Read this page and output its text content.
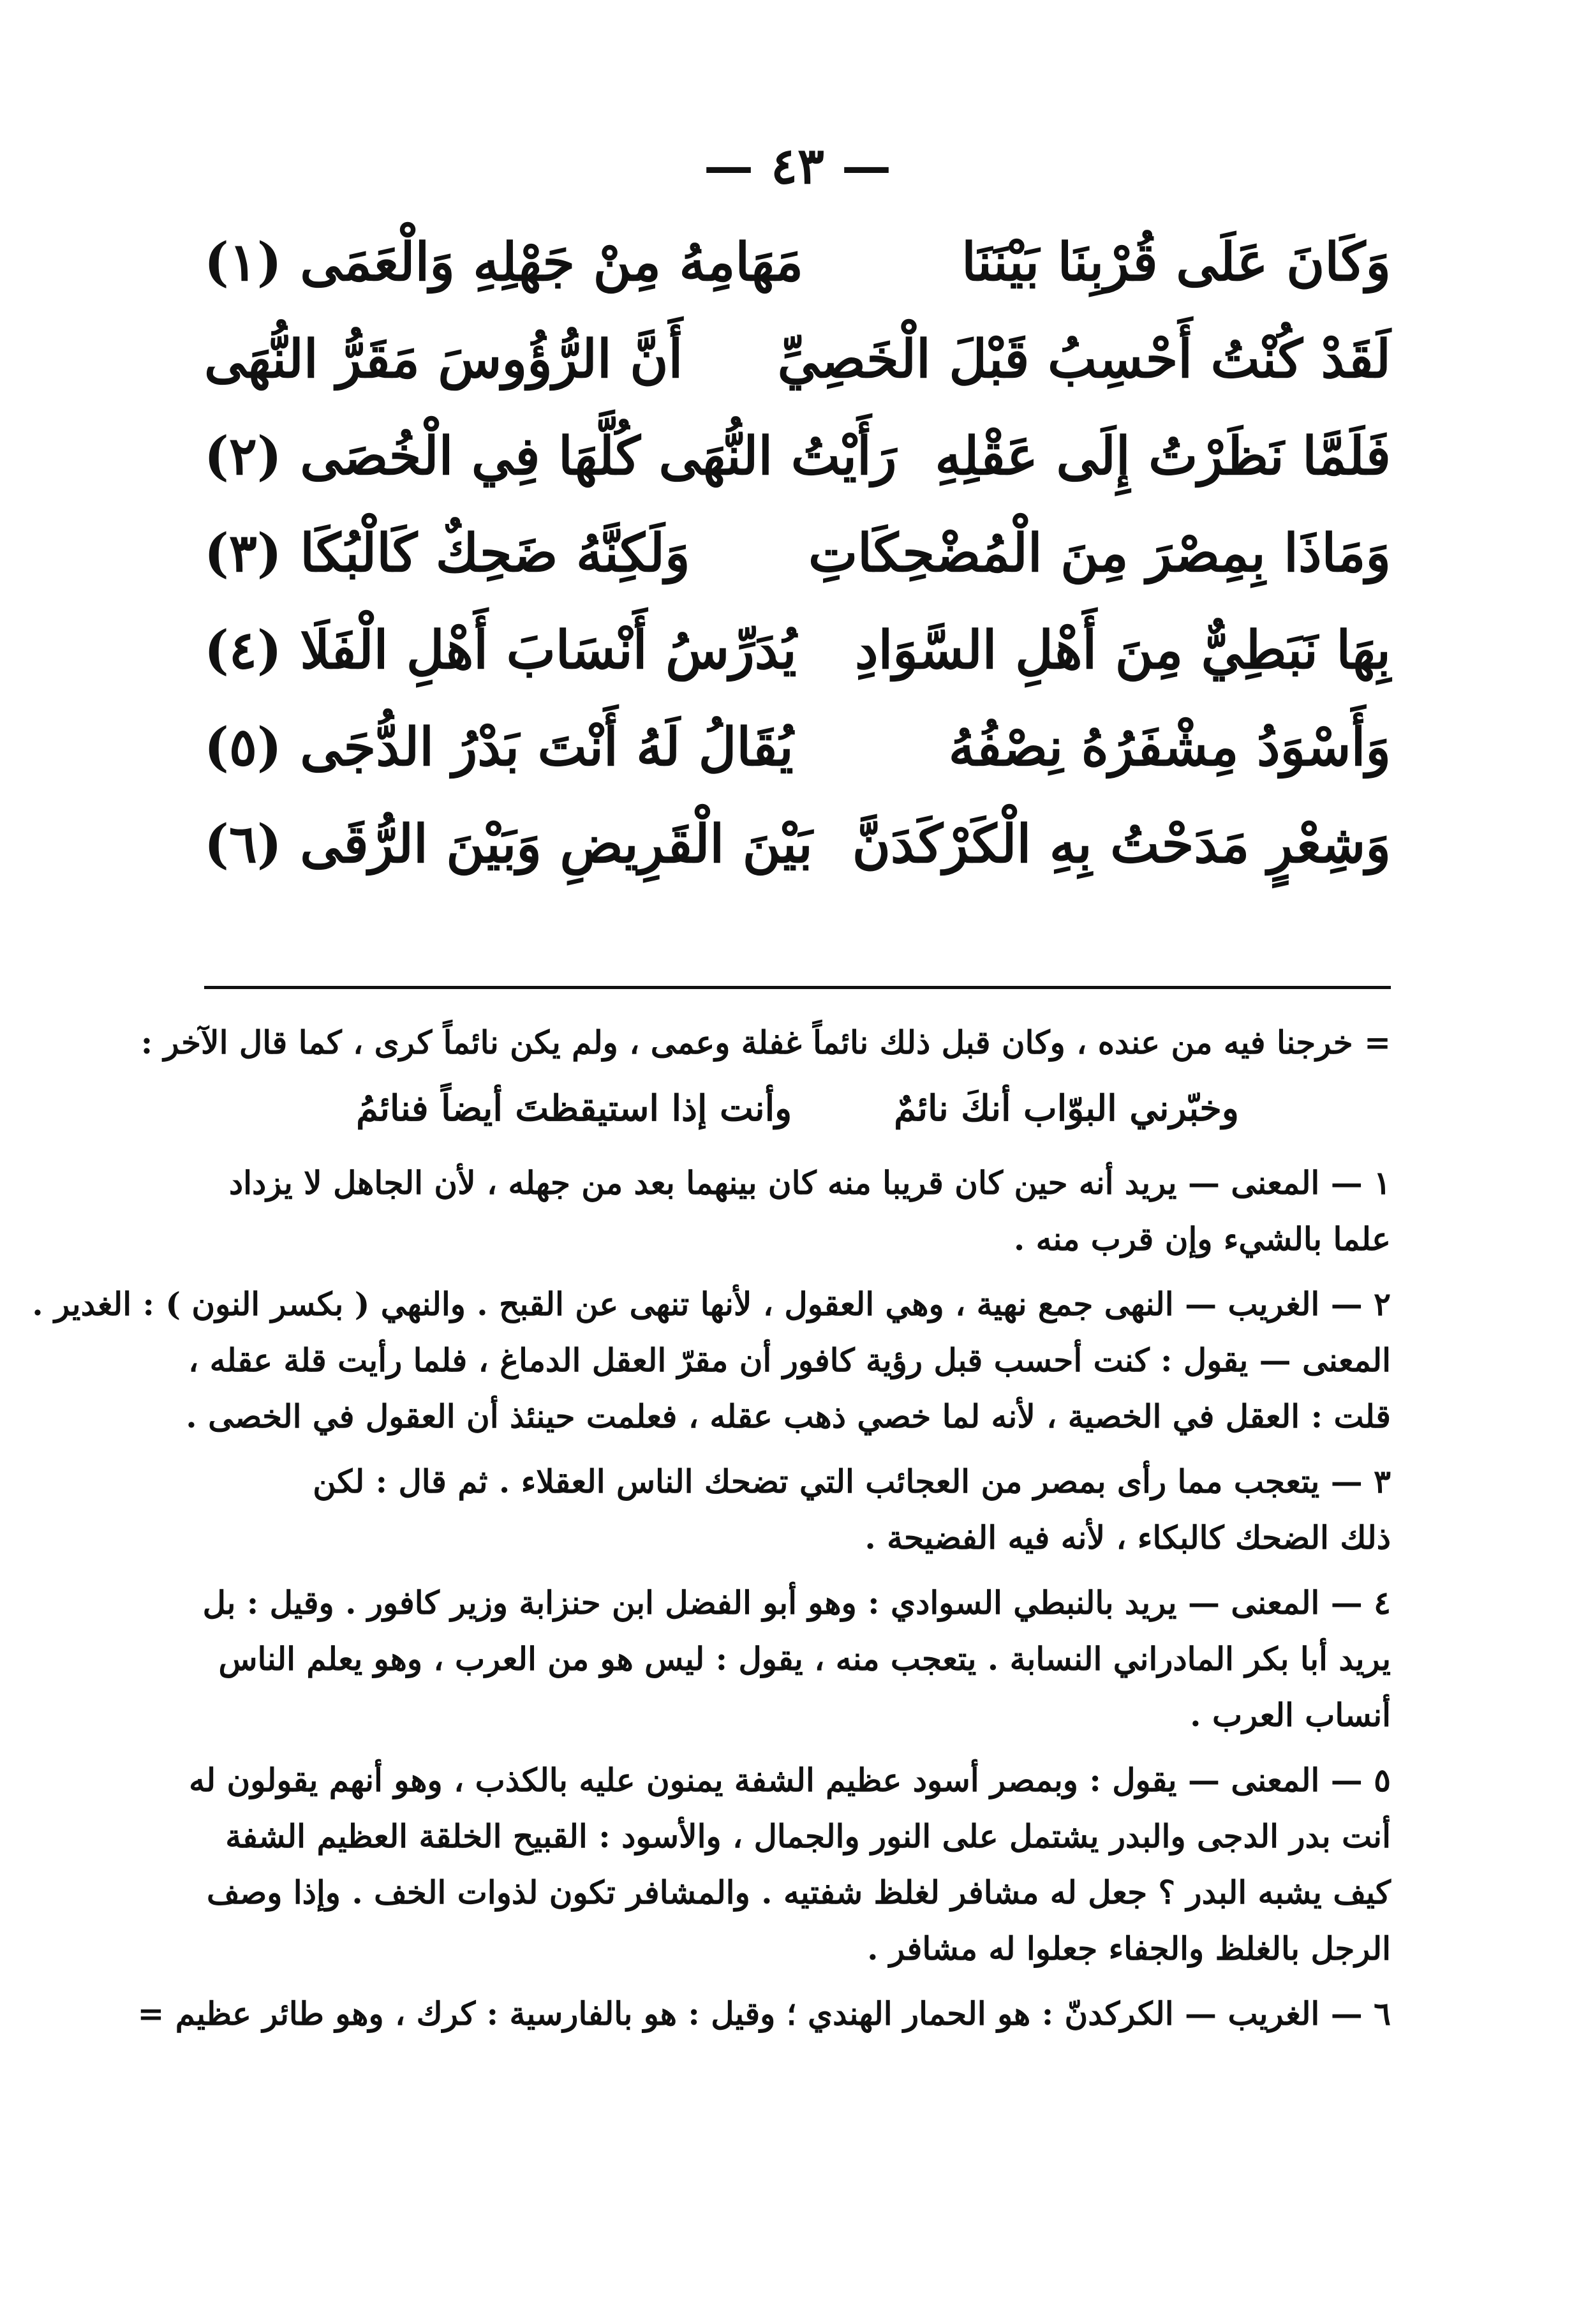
— ٤٣ —
وَكَانَ عَلَى قُرْبِنَا بَيْنَنَا
مَهَامِهُ مِنْ جَهْلِهِ وَالْعَمَى (١)
لَقَدْ كُنْتُ أَحْسِبُ قَبْلَ الْخَصِيِّ
أَنَّ الرُّؤُوسَ مَقَرُّ النُّهَى
فَلَمَّا نَظَرْتُ إِلَى عَقْلِهِ
رَأَيْتُ النُّهَى كُلَّهَا فِي الْخُصَى (٢)
وَمَاذَا بِمِصْرَ مِنَ الْمُضْحِكَاتِ
وَلَكِنَّهُ ضَحِكٌ كَالْبُكَا (٣)
بِهَا نَبَطِيٌّ مِنَ أَهْلِ السَّوَادِ
يُدَرِّسُ أَنْسَابَ أَهْلِ الْفَلَا (٤)
وَأَسْوَدُ مِشْفَرُهُ نِصْفُهُ
يُقَالُ لَهُ أَنْتَ بَدْرُ الدُّجَى (٥)
وَشِعْرٍ مَدَحْتُ بِهِ الْكَرْكَدَنَّ
بَيْنَ الْقَرِيضِ وَبَيْنَ الرُّقَى (٦)
= خرجنا فيه من عنده ، وكان قبل ذلك نائماً غفلة وعمى ، ولم يكن نائماً كرى ، كما قال الآخر :
وخبّرني البوّاب أنكَ نائمٌ
وأنت إذا استيقظتَ أيضاً فنائمُ
١ — المعنى — يريد أنه حين كان قريبا منه كان بينهما بعد من جهله ، لأن الجاهل لا يزداد
علما بالشيء وإن قرب منه .
٢ — الغريب — النهى جمع نهية ، وهي العقول ، لأنها تنهى عن القبح . والنهي ( بكسر النون ) : الغدير .
المعنى — يقول : كنت أحسب قبل رؤية كافور أن مقرّ العقل الدماغ ، فلما رأيت قلة عقله ،
قلت : العقل في الخصية ، لأنه لما خصي ذهب عقله ، فعلمت حينئذ أن العقول في الخصى .
٣ — يتعجب مما رأى بمصر من العجائب التي تضحك الناس العقلاء . ثم قال : لكن
ذلك الضحك كالبكاء ، لأنه فيه الفضيحة .
٤ — المعنى — يريد بالنبطي السوادي : وهو أبو الفضل ابن حنزابة وزير كافور . وقيل : بل
يريد أبا بكر المادراني النسابة . يتعجب منه ، يقول : ليس هو من العرب ، وهو يعلم الناس
أنساب العرب .
٥ — المعنى — يقول : وبمصر أسود عظيم الشفة يمنون عليه بالكذب ، وهو أنهم يقولون له
أنت بدر الدجى والبدر يشتمل على النور والجمال ، والأسود : القبيح الخلقة العظيم الشفة
كيف يشبه البدر ؟ جعل له مشافر لغلظ شفتيه . والمشافر تكون لذوات الخف . وإذا وصف
الرجل بالغلظ والجفاء جعلوا له مشافر .
٦ — الغريب — الكركدنّ : هو الحمار الهندي ؛ وقيل : هو بالفارسية : كرك ، وهو طائر عظيم =
